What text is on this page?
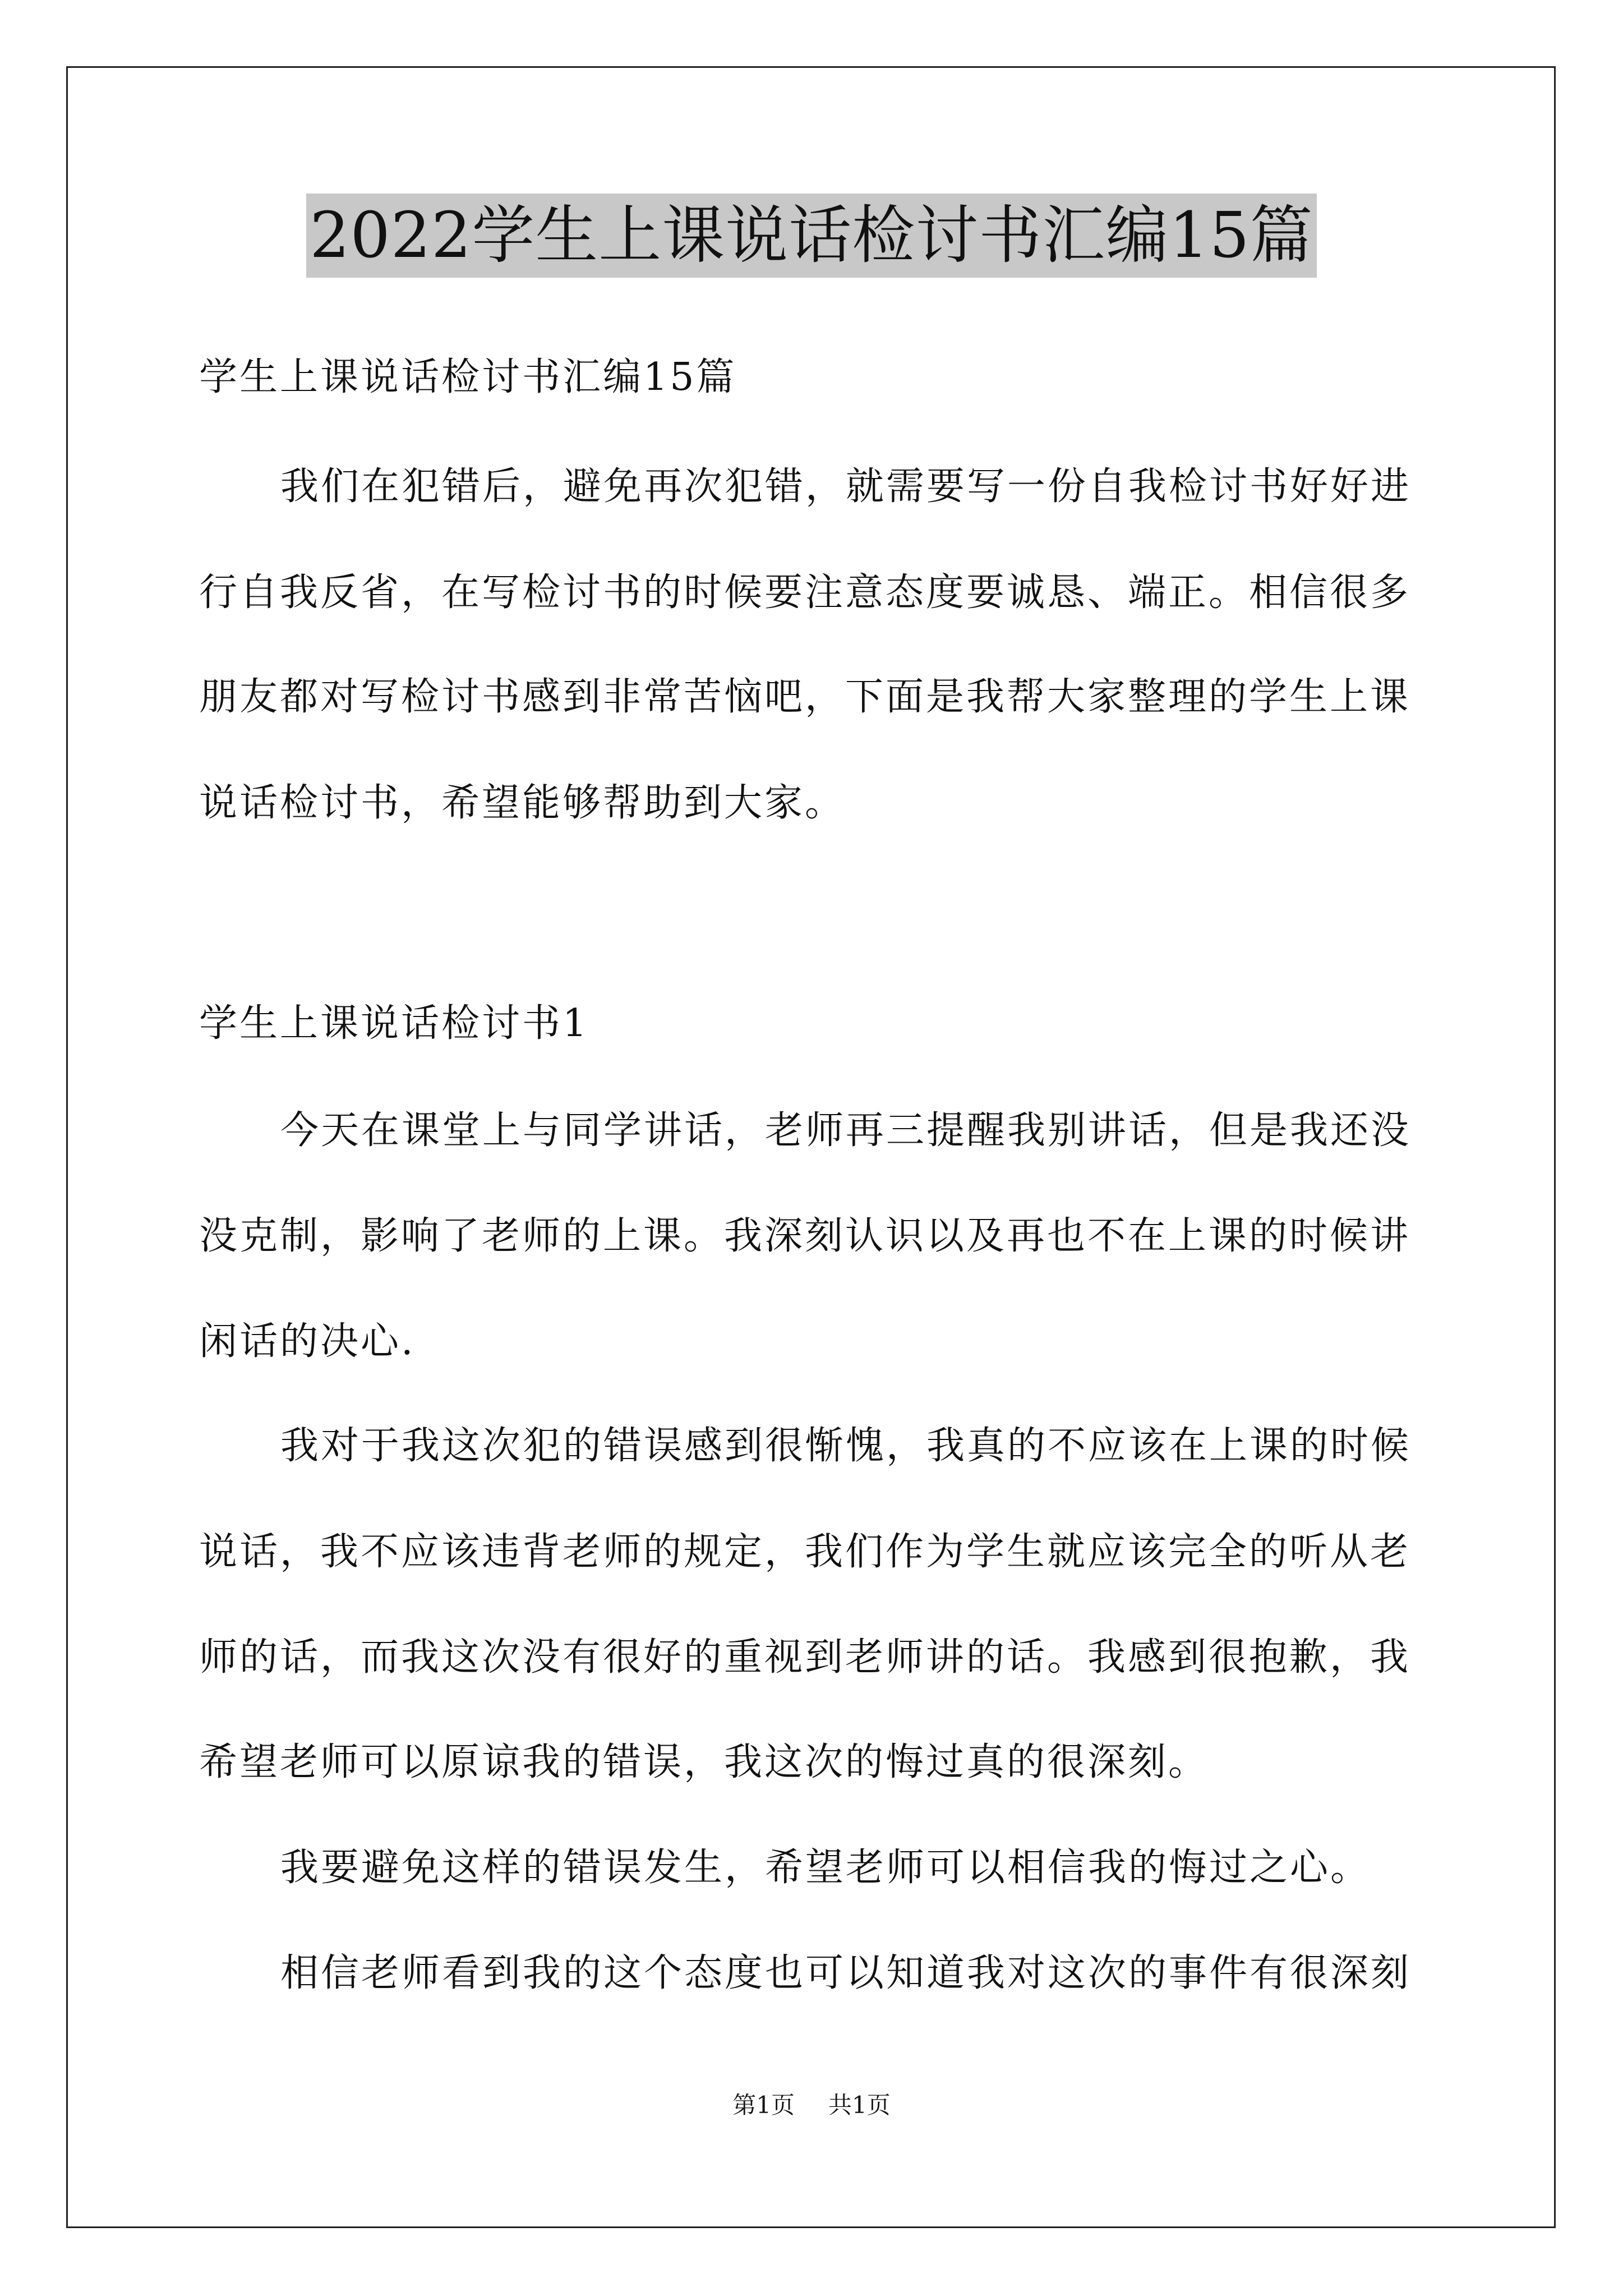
2022学生上课说话检讨书汇编15篇
学生上课说话检讨书汇编15篇
我们在犯错后，避免再次犯错，就需要写一份自我检讨书好好进
行自我反省，在写检讨书的时候要注意态度要诚恳、端正。相信很多
朋友都对写检讨书感到非常苦恼吧，下面是我帮大家整理的学生上课
说话检讨书，希望能够帮助到大家。
学生上课说话检讨书1
今天在课堂上与同学讲话，老师再三提醒我别讲话，但是我还没
没克制，影响了老师的上课。我深刻认识以及再也不在上课的时候讲
闲话的决心.
我对于我这次犯的错误感到很惭愧，我真的不应该在上课的时候
说话，我不应该违背老师的规定，我们作为学生就应该完全的听从老
师的话，而我这次没有很好的重视到老师讲的话。我感到很抱歉，我
希望老师可以原谅我的错误，我这次的悔过真的很深刻。
我要避免这样的错误发生，希望老师可以相信我的悔过之心。
相信老师看到我的这个态度也可以知道我对这次的事件有很深刻
第1页 共1页
